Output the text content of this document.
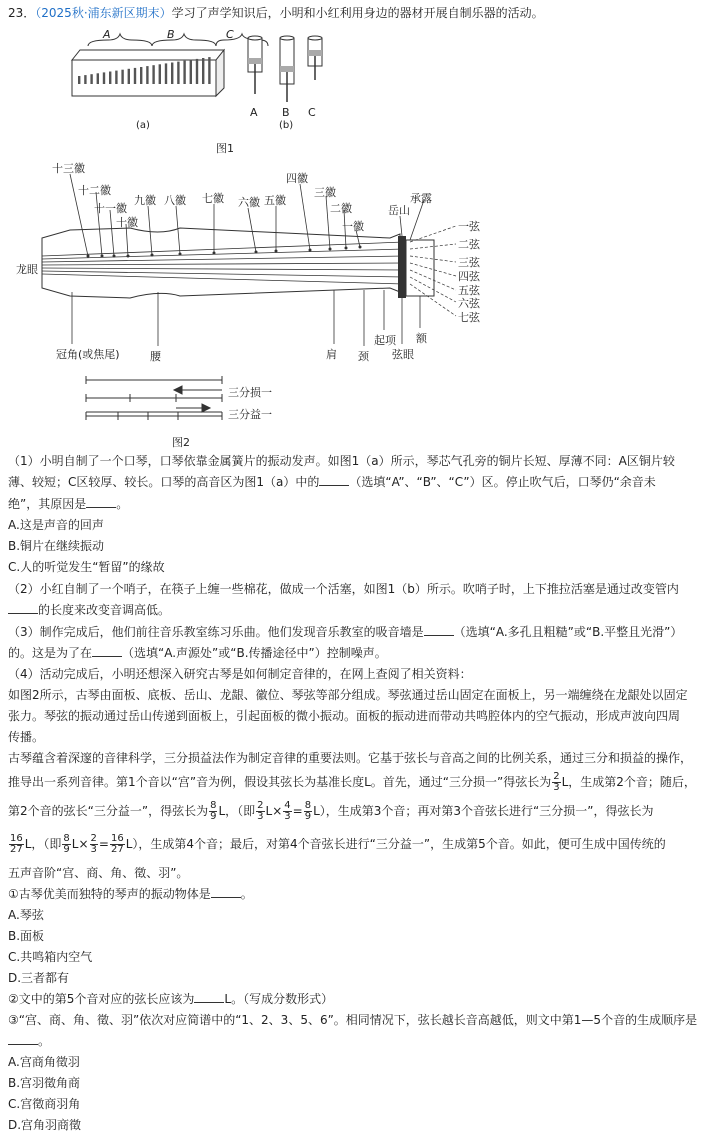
23．（2025秋·浦东新区期末）学习了声学知识后，小明和小红利用身边的器材开展自制乐器的活动。
A	B	C
(a)
A B C
(b)
图1
十三徽
十二徽
十一徽
十徽
九徽 八徽 七徽 六徽 五徽
四徽
三徽
二徽
一徽
岳山
承露
一弦
二弦
三弦
四弦
五弦
六弦
七弦
龙眼
冠角(或焦尾)	腰	肩 颈
起项
弦眼
额
三分损一
三分益一
图2
（1）小明自制了一个口琴，口琴依靠金属簧片的振动发声。如图1（a）所示，琴芯气孔旁的铜片长短、厚薄不同：A区铜片较
薄、较短；C区较厚、较长。口琴的高音区为图1（a）中的	（选填“A”、“B”、“C”）区。停止吹气后，口琴仍“余音未
绝”，其原因是	。
A.这是声音的回声
B.铜片在继续振动
C.人的听觉发生“暂留”的缘故
（2）小红自制了一个哨子，在筷子上缠一些棉花，做成一个活塞，如图1（b）所示。吹哨子时，上下推拉活塞是通过改变管内
的长度来改变音调高低。
（3）制作完成后，他们前往音乐教室练习乐曲。他们发现音乐教室的吸音墙是	（选填“A.多孔且粗糙”或“B.平整且光滑”）
的。这是为了在	（选填“A.声源处”或“B.传播途径中”）控制噪声。
（4）活动完成后，小明还想深入研究古琴是如何制定音律的，在网上查阅了相关资料：
如图2所示，古琴由面板、底板、岳山、龙龈、徽位、琴弦等部分组成。琴弦通过岳山固定在面板上，另一端缠绕在龙龈处以固定
张力。琴弦的振动通过岳山传递到面板上，引起面板的微小振动。面板的振动进而带动共鸣腔体内的空气振动，形成声波向四周
传播。
古琴蕴含着深邃的音律科学，三分损益法作为制定音律的重要法则。它基于弦长与音高之间的比例关系，通过三分和损益的操作，
推导出一系列音律。第1个音以“宫”音为例，假设其弦长为基准长度L。首先，通过“三分损一”得弦长为 $\frac{2}{3}$ L，生成第2个音；随后，
第2个音的弦长“三分益一”，得弦长为 $\frac{8}{9}$ L，（即 $\frac{2}{3} L\times \frac{4}{3} = \frac{8}{9} L$），生成第3个音；再对第3个音弦长进行“三分损一”，得弦长为
$\frac{16}{27}$ L，（即 $\frac{8}{9} L\times \frac{2}{3} = \frac{16}{27} L$），生成第4个音；最后，对第4个音弦长进行“三分益一”，生成第5个音。如此，便可生成中国传统的
五声音阶“宫、商、角、徵、羽”。
①古琴优美而独特的琴声的振动物体是	。
A.琴弦
B.面板
C.共鸣箱内空气
D.三者都有
②文中的第5个音对应的弦长应该为	L。（写成分数形式）
③“宫、商、角、徵、羽”依次对应简谱中的“1、2、3、5、6”。相同情况下，弦长越长音高越低，则文中第1—5个音的生成顺序是
。
A.宫商角徵羽
B.宫羽徵角商
C.宫徵商羽角
D.宫角羽商徵
